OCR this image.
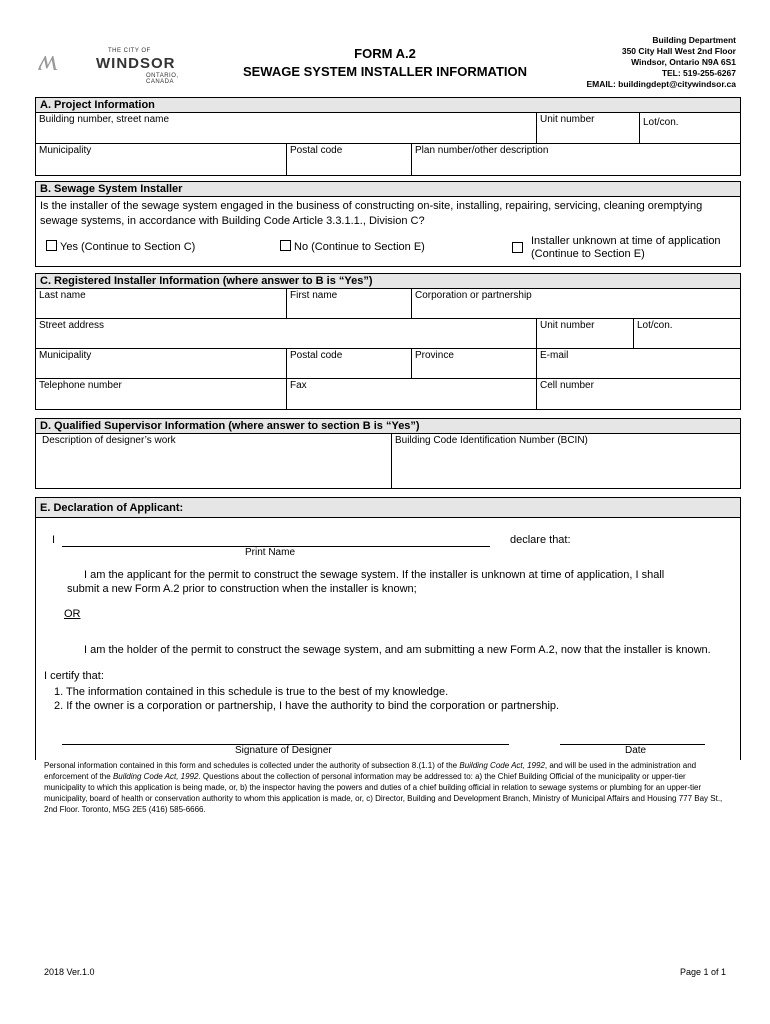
ʍ	THE CITY OF
WINDSOR
ONTARIO, CANADA
FORM A.2
SEWAGE SYSTEM INSTALLER INFORMATION
Building Department
350 City Hall West 2nd Floor
Windsor, Ontario N9A 6S1
TEL: 519-255-6267
EMAIL: buildingdept@citywindsor.ca
A. Project Information
Building number, street name	Unit number	Lot/con.
Municipality	Postal code	Plan number/other description
B. Sewage System Installer
Is the installer of the sewage system engaged in the business of constructing on-site, installing, repairing, servicing, cleaning oremptying sewage systems, in accordance with Building Code Article 3.3.1.1., Division C?
Yes (Continue to Section C)	No (Continue to Section E)	Installer unknown at time of application
(Continue to Section E)
C. Registered Installer Information (where answer to B is “Yes”)
Last name	First name	Corporation or partnership
Street address	Unit number	Lot/con.
Municipality	Postal code	Province	E-mail
Telephone number	Fax	Cell number
D. Qualified Supervisor Information (where answer to section B is “Yes”)
Description of designer’s work	Building Code Identification Number (BCIN)
E. Declaration of Applicant:
I	declare that:
Print Name
I am the applicant for the permit to construct the sewage system. If the installer is unknown at time of application, I shall
submit a new Form A.2 prior to construction when the installer is known;
OR
I am the holder of the permit to construct the sewage system, and am submitting a new Form A.2, now that the installer is known.
I certify that:
1. The information contained in this schedule is true to the best of my knowledge.
2. If the owner is a corporation or partnership, I have the authority to bind the corporation or partnership.
Signature of Designer	Date
Personal information contained in this form and schedules is collected under the authority of subsection 8.(1.1) of the Building Code Act, 1992, and will be used in the administration and enforcement of the Building Code Act, 1992. Questions about the collection of personal information may be addressed to: a) the Chief Building Official of the municipality or upper-tier municipality to which this application is being made, or, b) the inspector having the powers and duties of a chief building official in relation to sewage systems or plumbing for an upper-tier municipality, board of health or conservation authority to whom this application is made, or, c) Director, Building and Development Branch, Ministry of Municipal Affairs and Housing 777 Bay St., 2nd Floor. Toronto, M5G 2E5 (416) 585-6666.
2018 Ver.1.0	Page 1 of 1
